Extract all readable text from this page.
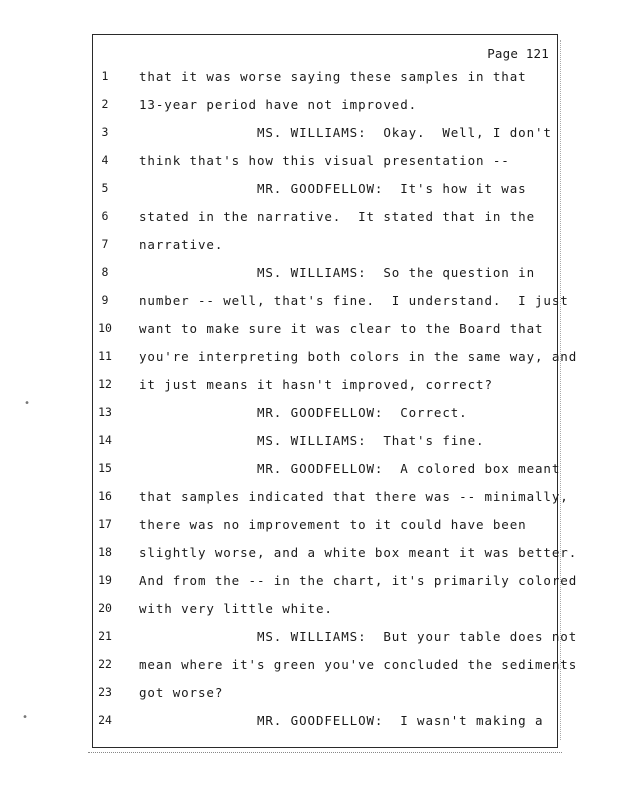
Page 121
1	that it was worse saying these samples in that
2	13-year period have not improved.
3	MS. WILLIAMS:  Okay.  Well, I don't
4	think that's how this visual presentation --
5	MR. GOODFELLOW:  It's how it was
6	stated in the narrative.  It stated that in the
7	narrative.
8	MS. WILLIAMS:  So the question in
9	number -- well, that's fine.  I understand.  I just
10	want to make sure it was clear to the Board that
11	you're interpreting both colors in the same way, and
12	it just means it hasn't improved, correct?
13	MR. GOODFELLOW:  Correct.
14	MS. WILLIAMS:  That's fine.
15	MR. GOODFELLOW:  A colored box meant
16	that samples indicated that there was -- minimally,
17	there was no improvement to it could have been
18	slightly worse, and a white box meant it was better.
19	And from the -- in the chart, it's primarily colored
20	with very little white.
21	MS. WILLIAMS:  But your table does not
22	mean where it's green you've concluded the sediments
23	got worse?
24	MR. GOODFELLOW:  I wasn't making a
•
•
